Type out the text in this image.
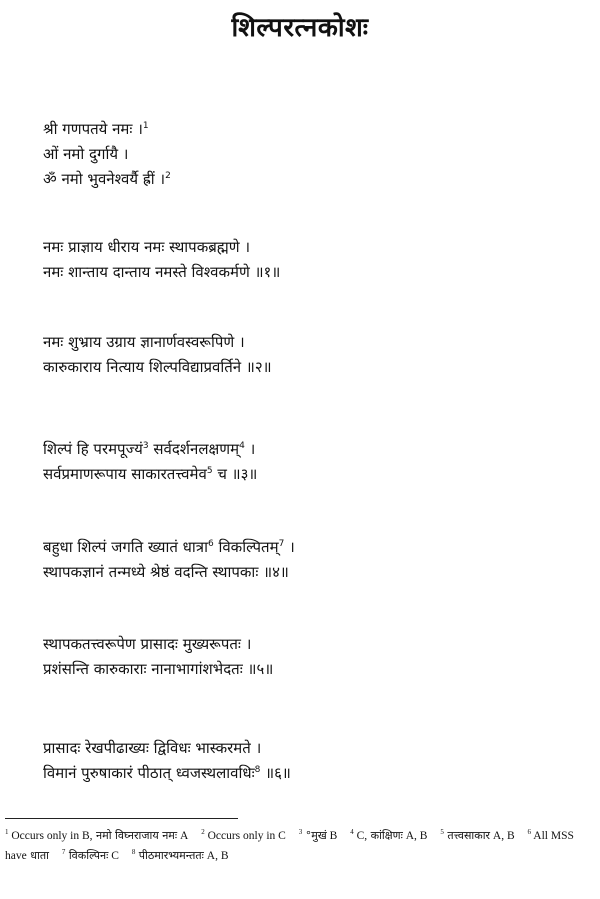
शिल्परत्नकोशः
श्री गणपतये नमः ।$^1$
ओं नमो दुर्गायै ।
ॐ नमो भुवनेश्वर्यै ह्रीं ।$^2$
नमः प्राज्ञाय धीराय नमः स्थापकब्रह्मणे ।
नमः शान्ताय दान्ताय नमस्ते विश्वकर्मणे ॥१॥
नमः शुभ्राय उग्राय ज्ञानार्णवस्वरूपिणे ।
कारुकाराय नित्याय शिल्पविद्याप्रवर्तिने ॥२॥
शिल्पं हि परमपूज्यं$^3$ सर्वदर्शनलक्षणम्$^4$ ।
सर्वप्रमाणरूपाय साकारतत्त्वमेव$^5$ च ॥३॥
बहुधा शिल्पं जगति ख्यातं धात्रा$^6$ विकल्पितम्$^7$ ।
स्थापकज्ञानं तन्मध्ये श्रेष्ठं वदन्ति स्थापकाः ॥४॥
स्थापकतत्त्वरूपेण प्रासादः मुख्यरूपतः ।
प्रशंसन्ति कारुकाराः नानाभागांशभेदतः ॥५॥
प्रासादः रेखपीढाख्यः द्विविधः भास्करमते ।
विमानं पुरुषाकारं पीठात् ध्वजस्थलावधिः$^8$ ॥६॥
$^1$ Occurs only in B, नमो विघ्नराजाय नमः A $^2$ Occurs only in C $^3$ °मुखं B $^4$ C, कांक्षिणः A, B $^5$ तत्त्वसाकार A, B $^6$ All MSS have धाता $^7$ विकल्पिनः C $^8$ पीठमारभ्यमन्ततः A, B
